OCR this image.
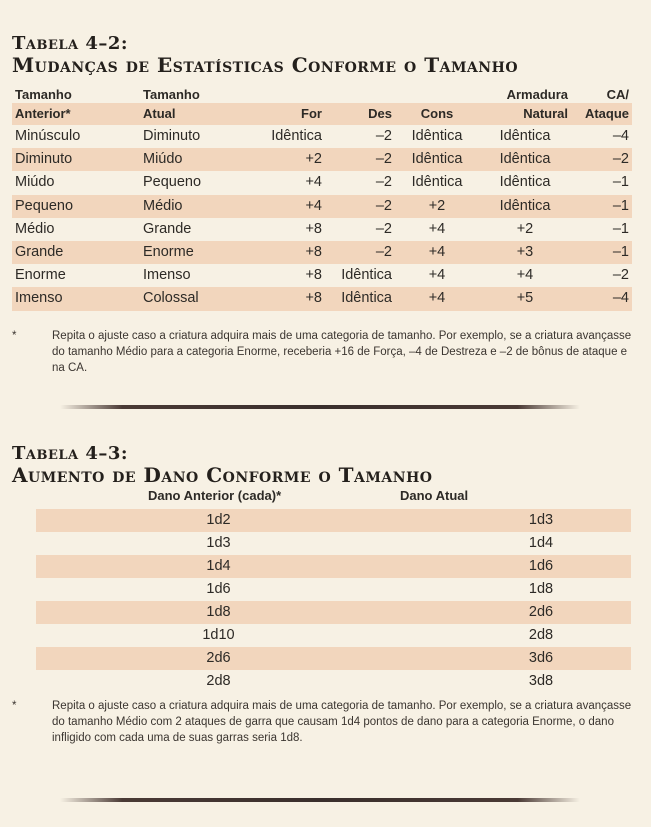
Tabela 4–2:
Mudanças de Estatísticas Conforme o Tamanho
Tamanho	Tamanho				Armadura	CA/
Anterior*	Atual	For	Des	Cons	Natural	Ataque
Minúsculo	Diminuto	Idêntica	–2	Idêntica	Idêntica	–4
Diminuto	Miúdo	+2	–2	Idêntica	Idêntica	–2
Miúdo	Pequeno	+4	–2	Idêntica	Idêntica	–1
Pequeno	Médio	+4	–2	+2	Idêntica	–1
Médio	Grande	+8	–2	+4	+2	–1
Grande	Enorme	+8	–2	+4	+3	–1
Enorme	Imenso	+8	Idêntica	+4	+4	–2
Imenso	Colossal	+8	Idêntica	+4	+5	–4
*	Repita o ajuste caso a criatura adquira mais de uma categoria de tamanho. Por exemplo, se a criatura avançasse do tamanho Médio para a categoria Enorme, receberia +16 de Força, –4 de Destreza e –2 de bônus de ataque e na CA.
Tabela 4–3:
Aumento de Dano Conforme o Tamanho
Dano Anterior (cada)*	Dano Atual
1d2	1d3
1d3	1d4
1d4	1d6
1d6	1d8
1d8	2d6
1d10	2d8
2d6	3d6
2d8	3d8
*	Repita o ajuste caso a criatura adquira mais de uma categoria de tamanho. Por exemplo, se a criatura avançasse do tamanho Médio com 2 ataques de garra que causam 1d4 pontos de dano para a categoria Enorme, o dano infligido com cada uma de suas garras seria 1d8.
